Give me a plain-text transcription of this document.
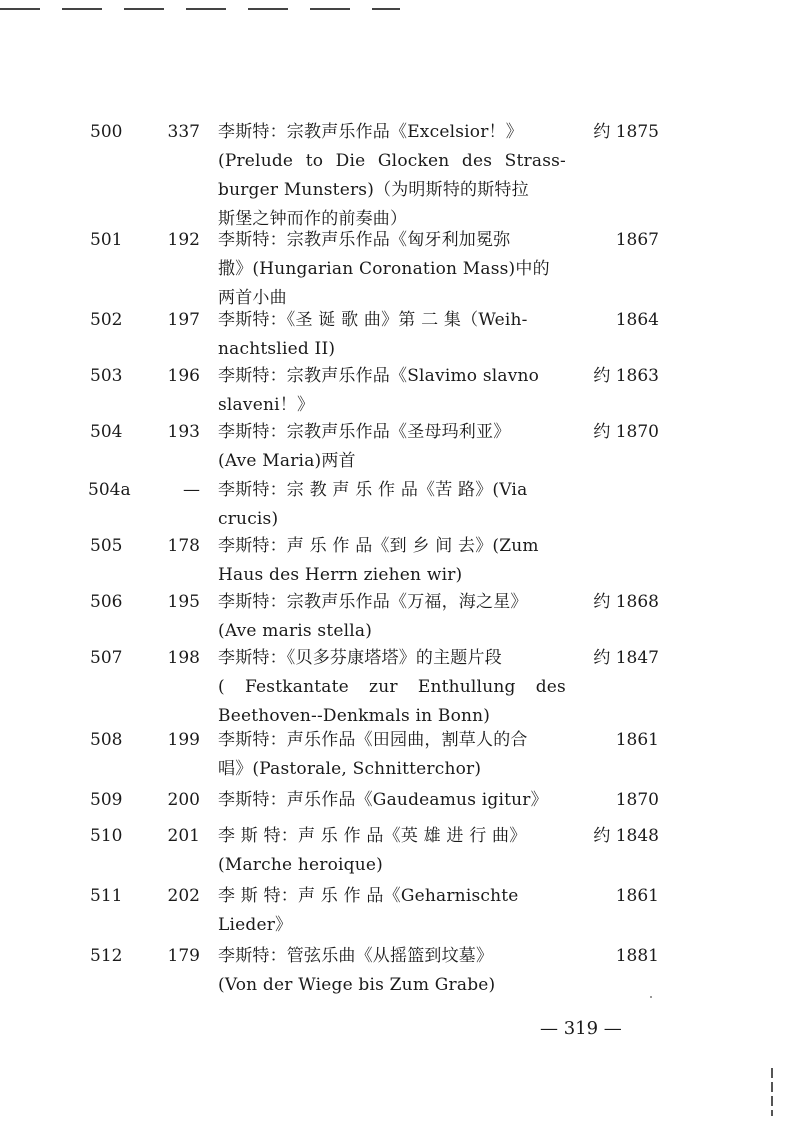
500	337 李斯特：宗教声乐作品《Excelsior！》
(Prelude to Die Glocken des Strass-
burger Munsters)（为明斯特的斯特拉
斯堡之钟而作的前奏曲）
约 1875
501	192 李斯特：宗教声乐作品《匈牙利加冕弥
撒》(Hungarian Coronation Mass)中的
两首小曲
1867
502	197 李斯特：《圣 诞 歌 曲》第 二 集（Weih-
nachtslied II)
1864
503	196 李斯特：宗教声乐作品《Slavimo slavno
slaveni！》
约 1863
504	193 李斯特：宗教声乐作品《圣母玛利亚》
(Ave Maria)两首
约 1870
504a	— 李斯特：宗 教 声 乐 作 品《苦 路》(Via
crucis)
505	178 李斯特：声 乐 作 品《到 乡 间 去》(Zum
Haus des Herrn ziehen wir)
506	195 李斯特：宗教声乐作品《万福，海之星》
(Ave maris stella)
约 1868
507	198 李斯特：《贝多芬康塔塔》的主题片段
( Festkantate zur Enthullung des
Beethoven--Denkmals in Bonn)
约 1847
508	199 李斯特：声乐作品《田园曲，割草人的合
唱》(Pastorale, Schnitterchor)
1861
509	200 李斯特：声乐作品《Gaudeamus igitur》	1870
510	201 李 斯 特：声 乐 作 品《英 雄 进 行 曲》
(Marche heroique)
约 1848
511	202 李 斯 特：声 乐 作 品《Geharnischte
Lieder》
1861
512	179 李斯特：管弦乐曲《从摇篮到坟墓》
(Von der Wiege bis Zum Grabe)
1881
— 319 —
